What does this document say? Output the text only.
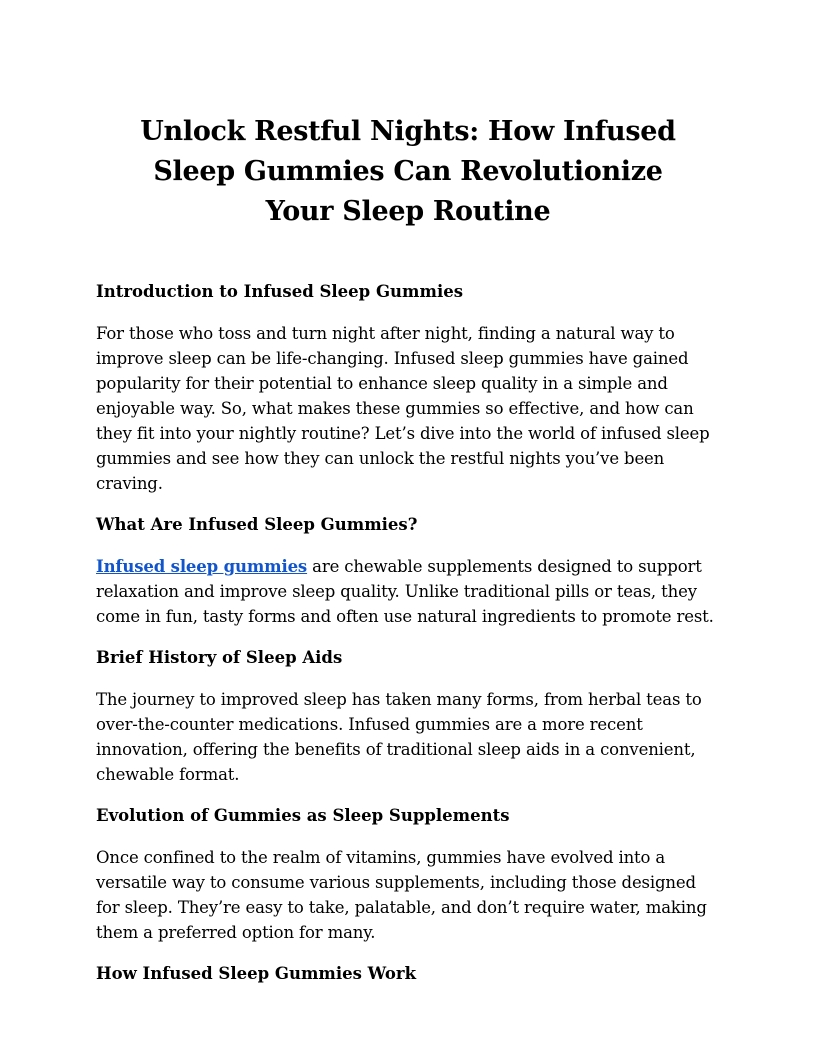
Unlock Restful Nights: How Infused Sleep Gummies Can Revolutionize Your Sleep Routine

Introduction to Infused Sleep Gummies

For those who toss and turn night after night, finding a natural way to improve sleep can be life-changing. Infused sleep gummies have gained popularity for their potential to enhance sleep quality in a simple and enjoyable way. So, what makes these gummies so effective, and how can they fit into your nightly routine? Let’s dive into the world of infused sleep gummies and see how they can unlock the restful nights you’ve been craving.

What Are Infused Sleep Gummies?

Infused sleep gummies are chewable supplements designed to support relaxation and improve sleep quality. Unlike traditional pills or teas, they come in fun, tasty forms and often use natural ingredients to promote rest.

Brief History of Sleep Aids

The journey to improved sleep has taken many forms, from herbal teas to over-the-counter medications. Infused gummies are a more recent innovation, offering the benefits of traditional sleep aids in a convenient, chewable format.

Evolution of Gummies as Sleep Supplements

Once confined to the realm of vitamins, gummies have evolved into a versatile way to consume various supplements, including those designed for sleep. They’re easy to take, palatable, and don’t require water, making them a preferred option for many.

How Infused Sleep Gummies Work
